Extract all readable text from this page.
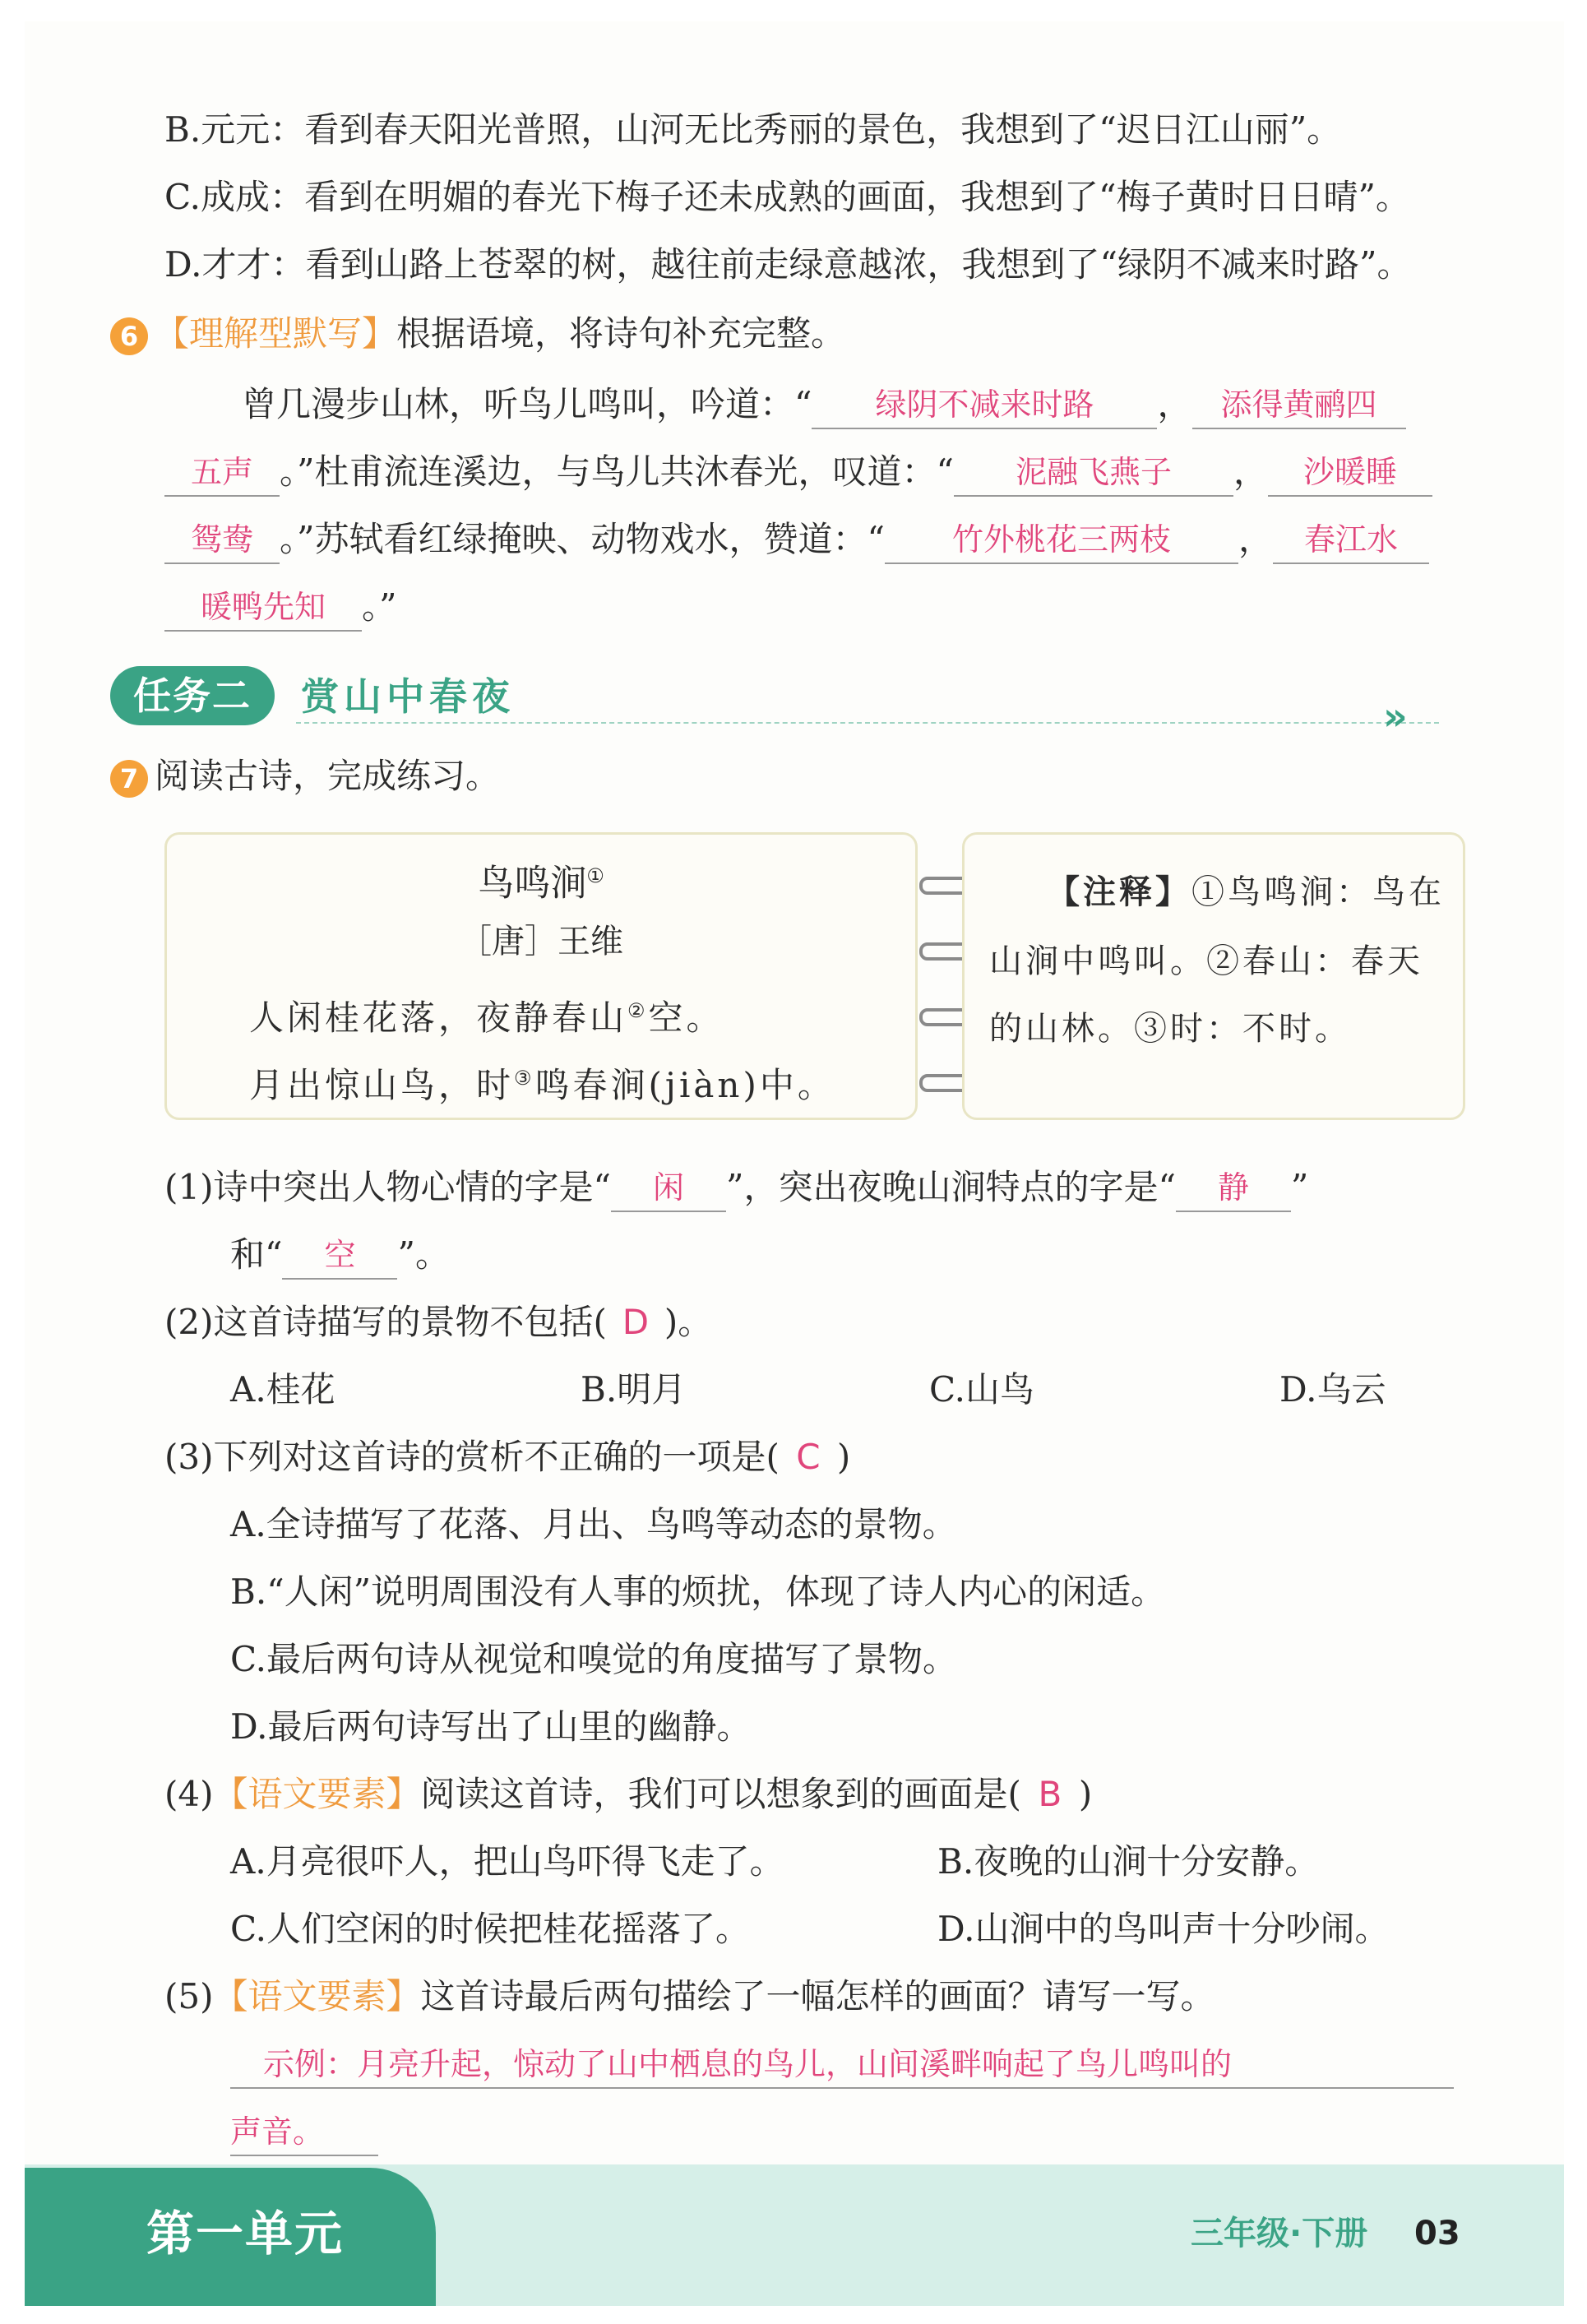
B.元元：看到春天阳光普照，山河无比秀丽的景色，我想到了“迟日江山丽”。
C.成成：看到在明媚的春光下梅子还未成熟的画面，我想到了“梅子黄时日日晴”。
D.才才：看到山路上苍翠的树，越往前走绿意越浓，我想到了“绿阴不减来时路”。
6 【理解型默写】根据语境，将诗句补充完整。
曾几漫步山林，听鸟儿鸣叫，吟道：“ 绿阴不减来时路 ， 添得黄鹂四
五声 。”杜甫流连溪边，与鸟儿共沐春光，叹道：“ 泥融飞燕子 ， 沙暖睡
鸳鸯 。”苏轼看红绿掩映、动物戏水，赞道：“ 竹外桃花三两枝 ， 春江水
暖鸭先知 。”
任务二	赏山中春夜	»
7 阅读古诗，完成练习。
鸟鸣涧①
［唐］王维
人闲桂花落，夜静春山②空。
月出惊山鸟，时③鸣春涧(jiàn)中。
【注释】①鸟鸣涧：鸟在
山涧中鸣叫。②春山：春天
的山林。③时：不时。
(1)诗中突出人物心情的字是“ 闲 ”，突出夜晚山涧特点的字是“ 静 ”
和“ 空 ”。
(2)这首诗描写的景物不包括( D )。
A.桂花	B.明月	C.山鸟	D.乌云
(3)下列对这首诗的赏析不正确的一项是( C )
A.全诗描写了花落、月出、鸟鸣等动态的景物。
B.“人闲”说明周围没有人事的烦扰，体现了诗人内心的闲适。
C.最后两句诗从视觉和嗅觉的角度描写了景物。
D.最后两句诗写出了山里的幽静。
(4)【语文要素】阅读这首诗，我们可以想象到的画面是( B )
A.月亮很吓人，把山鸟吓得飞走了。	B.夜晚的山涧十分安静。
C.人们空闲的时候把桂花摇落了。	D.山涧中的鸟叫声十分吵闹。
(5)【语文要素】这首诗最后两句描绘了一幅怎样的画面？请写一写。
示例：月亮升起，惊动了山中栖息的鸟儿，山间溪畔响起了鸟儿鸣叫的
声音。
第一单元	三年级·下册 03
